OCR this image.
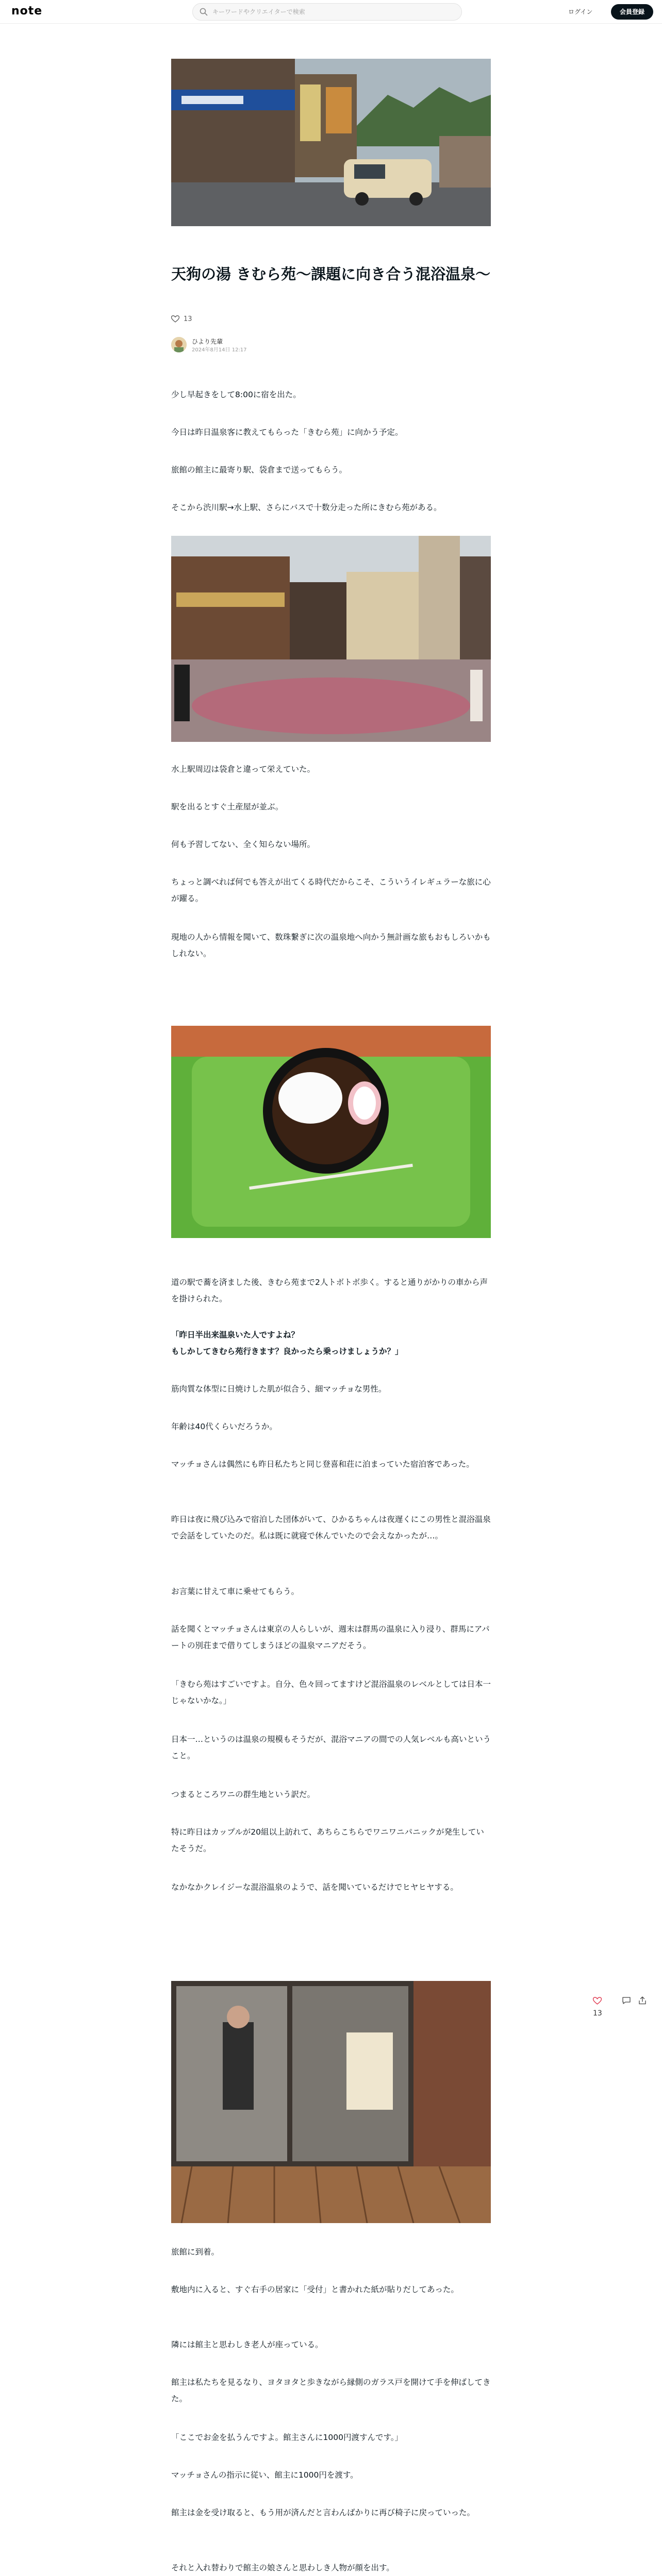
note
キーワードやクリエイターで検索	ログイン	会員登録
天狗の湯 きむら苑〜課題に向き合う混浴温泉〜
13
ひより先輩
2024年8月14日 12:17

少し早起きをして8:00に宿を出た。

今日は昨日温泉客に教えてもらった「きむら苑」に向かう予定。

旅館の館主に最寄り駅、袋倉まで送ってもらう。

そこから渋川駅→水上駅、さらにバスで十数分走った所にきむら苑がある。

水上駅周辺は袋倉と違って栄えていた。

駅を出るとすぐ土産屋が並ぶ。

何も予習してない、全く知らない場所。

ちょっと調べれば何でも答えが出てくる時代だからこそ、こういうイレギュラーな旅に心が躍る。

現地の人から情報を聞いて、数珠繋ぎに次の温泉地へ向かう無計画な旅もおもしろいかもしれない。

道の駅で蕎を済ました後、きむら苑まで2人トボトボ歩く。すると通りがかりの車から声を掛けられた。

「昨日半出来温泉いた人ですよね？

もしかしてきむら苑行きます？良かったら乗っけましょうか？」

筋肉質な体型に日焼けした肌が似合う、細マッチョな男性。

年齢は40代くらいだろうか。

マッチョさんは偶然にも昨日私たちと同じ登喜和荘に泊まっていた宿泊客であった。

昨日は夜に飛び込みで宿泊した団体がいて、ひかるちゃんは夜遅くにこの男性と混浴温泉で会話をしていたのだ。私は既に就寝で休んでいたので会えなかったが…。

お言葉に甘えて車に乗せてもらう。

話を聞くとマッチョさんは東京の人らしいが、週末は群馬の温泉に入り浸り、群馬にアパートの別荘まで借りてしまうほどの温泉マニアだそう。

「きむら苑はすごいですよ。自分、色々回ってますけど混浴温泉のレベルとしては日本一じゃないかな。」

日本一…というのは温泉の規模もそうだが、混浴マニアの間での人気レベルも高いということ。

つまるところワニの群生地という訳だ。

特に昨日はカップルが20組以上訪れて、あちらこちらでワニワニパニックが発生していたそうだ。

なかなかクレイジーな混浴温泉のようで、話を聞いているだけでヒヤヒヤする。

旅館に到着。

敷地内に入ると、すぐ右手の居家に「受付」と書かれた紙が貼りだしてあった。

隣には館主と思わしき老人が座っている。

館主は私たちを見るなり、ヨタヨタと歩きながら縁側のガラス戸を開けて手を伸ばしてきた。

「ここでお金を払うんですよ。館主さんに1000円渡すんです。」

マッチョさんの指示に従い、館主に1000円を渡す。

館主は金を受け取ると、もう用が済んだと言わんばかりに再び椅子に戻っていった。

それと入れ替わりで館主の娘さんと思わしき人物が顔を出す。

13
